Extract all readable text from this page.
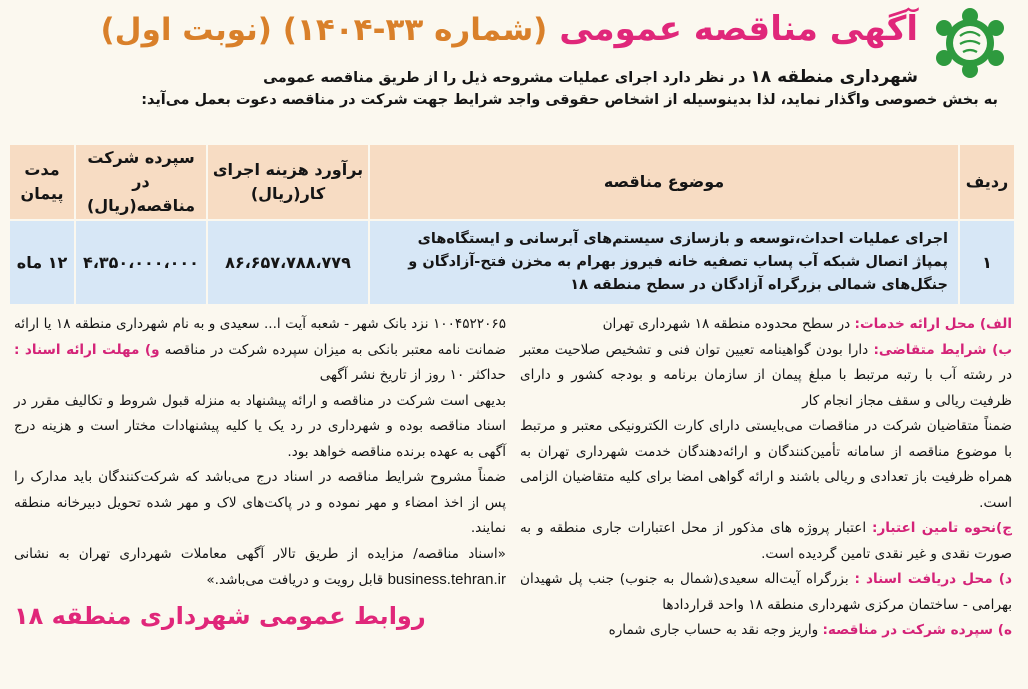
آگهی مناقصه عمومی (شماره ۳۳-۱۴۰۴) (نوبت اول)
شهرداری منطقه ۱۸ در نظر دارد اجرای عملیات مشروحه ذیل را از طریق مناقصه عمومی
به بخش خصوصی واگذار نماید، لذا بدینوسیله از اشخاص حقوقی واجد شرایط جهت شرکت در مناقصه دعوت بعمل می‌آید:
ردیف	موضوع مناقصه	برآورد هزینه اجرای کار(ریال)	سپرده شرکت در مناقصه(ریال)	مدت پیمان
۱	اجرای عملیات احداث،توسعه و بازسازی سیستم‌های آبرسانی و ایستگاه‌های پمپاژ اتصال شبکه آب پساب تصفیه خانه فیروز بهرام به مخزن فتح-آزادگان و جنگل‌های شمالی بزرگراه آزادگان در سطح منطقه ۱۸	۸۶،۶۵۷،۷۸۸،۷۷۹	۴،۳۵۰،۰۰۰،۰۰۰	۱۲ ماه

الف) محل ارائه خدمات: در سطح محدوده منطقه ۱۸ شهرداری تهران

ب) شرایط متقاضی: دارا بودن گواهینامه تعیین توان فنی و تشخیص صلاحیت معتبر در رشته آب با رتبه مرتبط با مبلغ پیمان از سازمان برنامه و بودجه کشور و دارای ظرفیت ریالی و سقف مجاز انجام کار

ضمناً متقاضیان شرکت در مناقصات می‌بایستی دارای کارت الکترونیکی معتبر و مرتبط با موضوع مناقصه از سامانه تأمین‌کنندگان و ارائه‌دهندگان خدمت شهرداری تهران به همراه ظرفیت باز تعدادی و ریالی باشند و ارائه گواهی امضا برای کلیه متقاضیان الزامی است.

ج)نحوه تامین اعتبار: اعتبار پروژه های مذکور از محل اعتبارات جاری منطقه و به صورت نقدی و غیر نقدی تامین گردیده است.

د) محل دریافت اسناد : بزرگراه آیت‌اله سعیدی(شمال به جنوب) جنب پل شهیدان بهرامی - ساختمان مرکزی شهرداری منطقه ۱۸ واحد قراردادها

ه) سپرده شرکت در مناقصه: واریز وجه نقد به حساب جاری شماره

۱۰۰۴۵۲۲۰۶۵ نزد بانک شهر - شعبه آیت ا... سعیدی و به نام شهرداری منطقه ۱۸ یا ارائه ضمانت نامه معتبر بانکی به میزان سپرده شرکت در مناقصه و) مهلت ارائه اسناد : حداکثر ۱۰ روز از تاریخ نشر آگهی

بدیهی است شرکت در مناقصه و ارائه پیشنهاد به منزله قبول شروط و تکالیف مقرر در اسناد مناقصه بوده و شهرداری در رد یک یا کلیه پیشنهادات مختار است و هزینه درج آگهی به عهده برنده مناقصه خواهد بود.

ضمناً مشروح شرایط مناقصه در اسناد درج می‌باشد که شرکت‌کنندگان باید مدارک را پس از اخذ امضاء و مهر نموده و در پاکت‌های لاک و مهر شده تحویل دبیرخانه منطقه نمایند.

«اسناد مناقصه/ مزایده از طریق تالار آگهی معاملات شهرداری تهران به نشانی business.tehran.ir قابل رویت و دریافت می‌باشد.»

روابط عمومی شهرداری منطقه ۱۸
